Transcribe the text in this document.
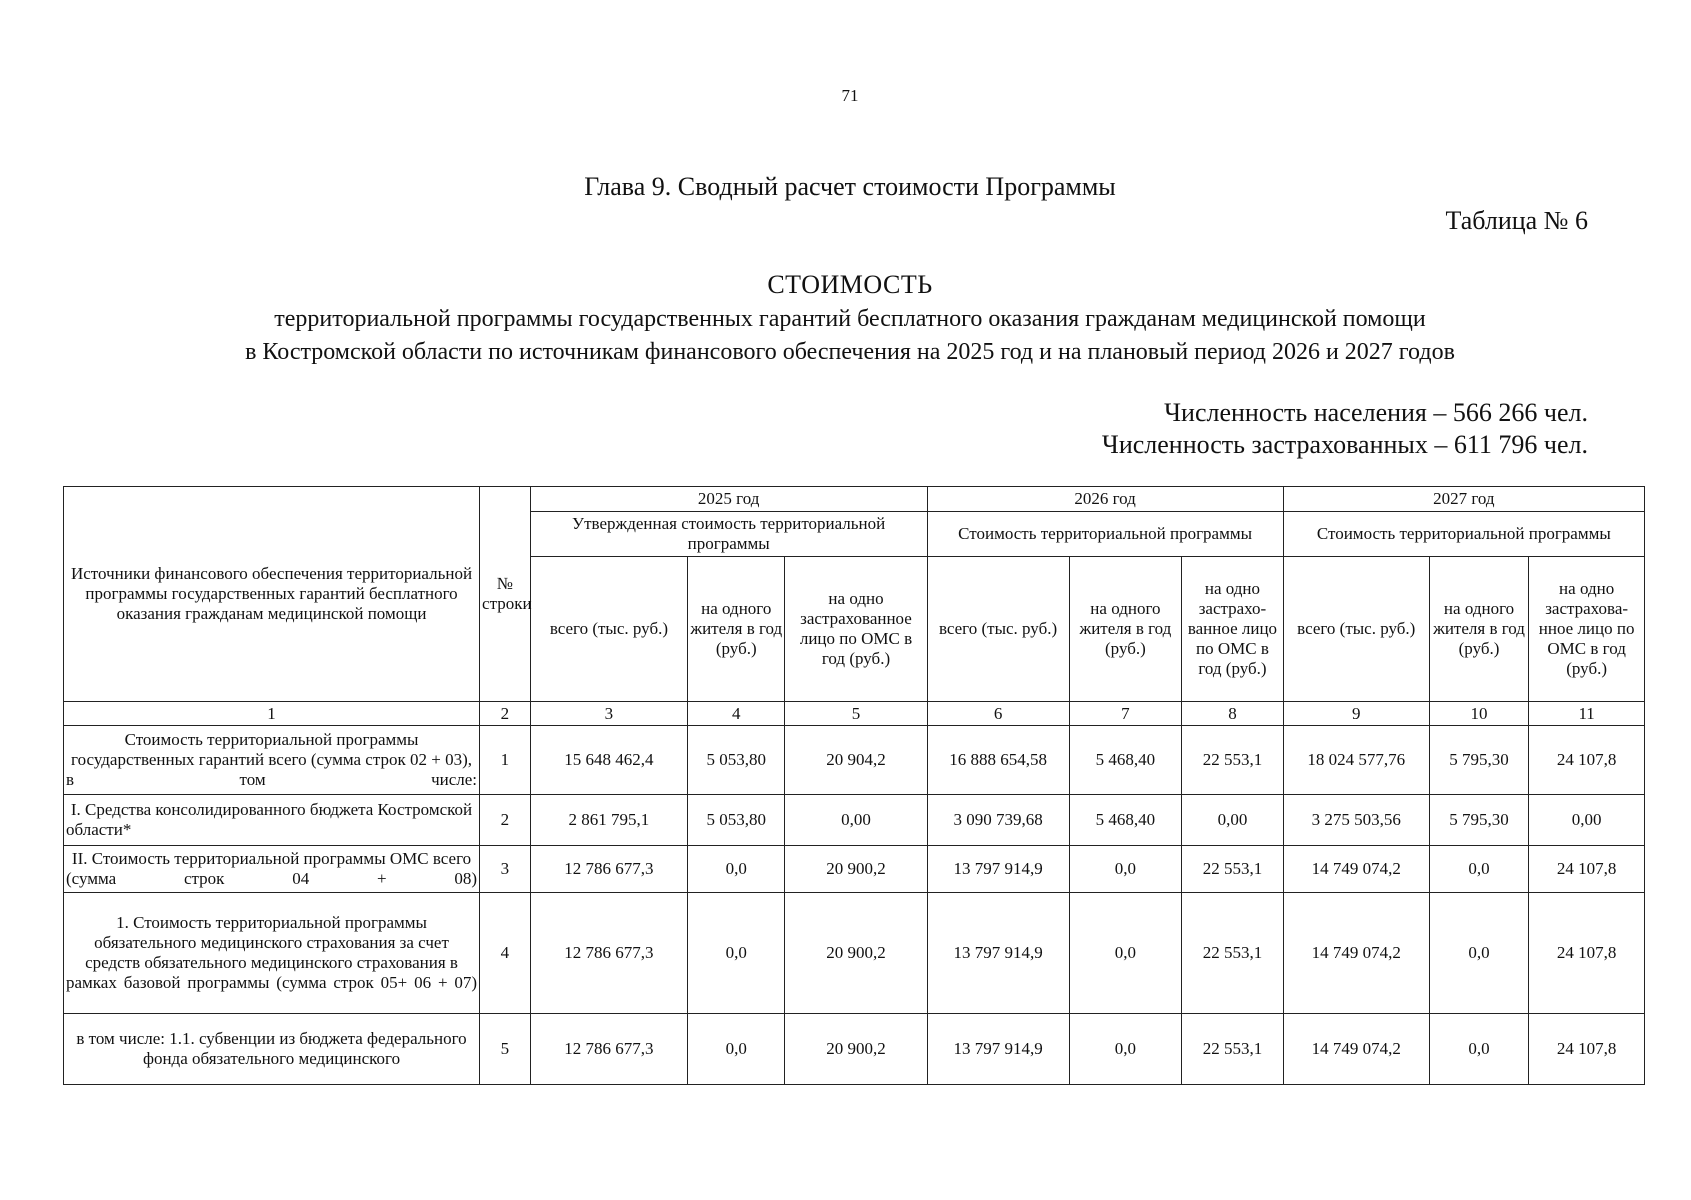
71
Глава 9. Сводный расчет стоимости Программы
Таблица № 6
СТОИМОСТЬ
территориальной программы государственных гарантий бесплатного оказания гражданам медицинской помощи
в Костромской области по источникам финансового обеспечения на 2025 год и на плановый период 2026 и 2027 годов
Численность населения – 566 266 чел.
Численность застрахованных – 611 796 чел.
Источники финансового обеспечения территориальной программы государственных гарантий бесплатного оказания гражданам медицинской помощи	№ строки	2025 год			2026 год			2027 год		
		Утвержденная стоимость территориальной программы			Стоимость территориальной программы			Стоимость территориальной программы		
		всего (тыс. руб.)	на одного жителя в год (руб.)	на одно застрахованное лицо по ОМС в год (руб.)	всего (тыс. руб.)	на одного жителя в год (руб.)	на одно застрахо-ванное лицо по ОМС в год (руб.)	всего (тыс. руб.)	на одного жителя в год (руб.)	на одно застрахова-нное лицо по ОМС в год (руб.)
1	2	3	4	5	6	7	8	9	10	11
Стоимость территориальной программы государственных гарантий всего (сумма строк 02 + 03), в том числе:	1	15 648 462,4	5 053,80	20 904,2	16 888 654,58	5 468,40	22 553,1	18 024 577,76	5 795,30	24 107,8
I. Средства консолидированного бюджета Костромской области*	2	2 861 795,1	5 053,80	0,00	3 090 739,68	5 468,40	0,00	3 275 503,56	5 795,30	0,00
II. Стоимость территориальной программы ОМС всего (сумма строк 04 + 08)	3	12 786 677,3	0,0	20 900,2	13 797 914,9	0,0	22 553,1	14 749 074,2	0,0	24 107,8
1. Стоимость территориальной программы обязательного медицинского страхования за счет средств обязательного медицинского страхования в рамках базовой программы (сумма строк 05+ 06 + 07)	4	12 786 677,3	0,0	20 900,2	13 797 914,9	0,0	22 553,1	14 749 074,2	0,0	24 107,8
в том числе: 1.1. субвенции из бюджета федерального фонда обязательного медицинского	5	12 786 677,3	0,0	20 900,2	13 797 914,9	0,0	22 553,1	14 749 074,2	0,0	24 107,8
